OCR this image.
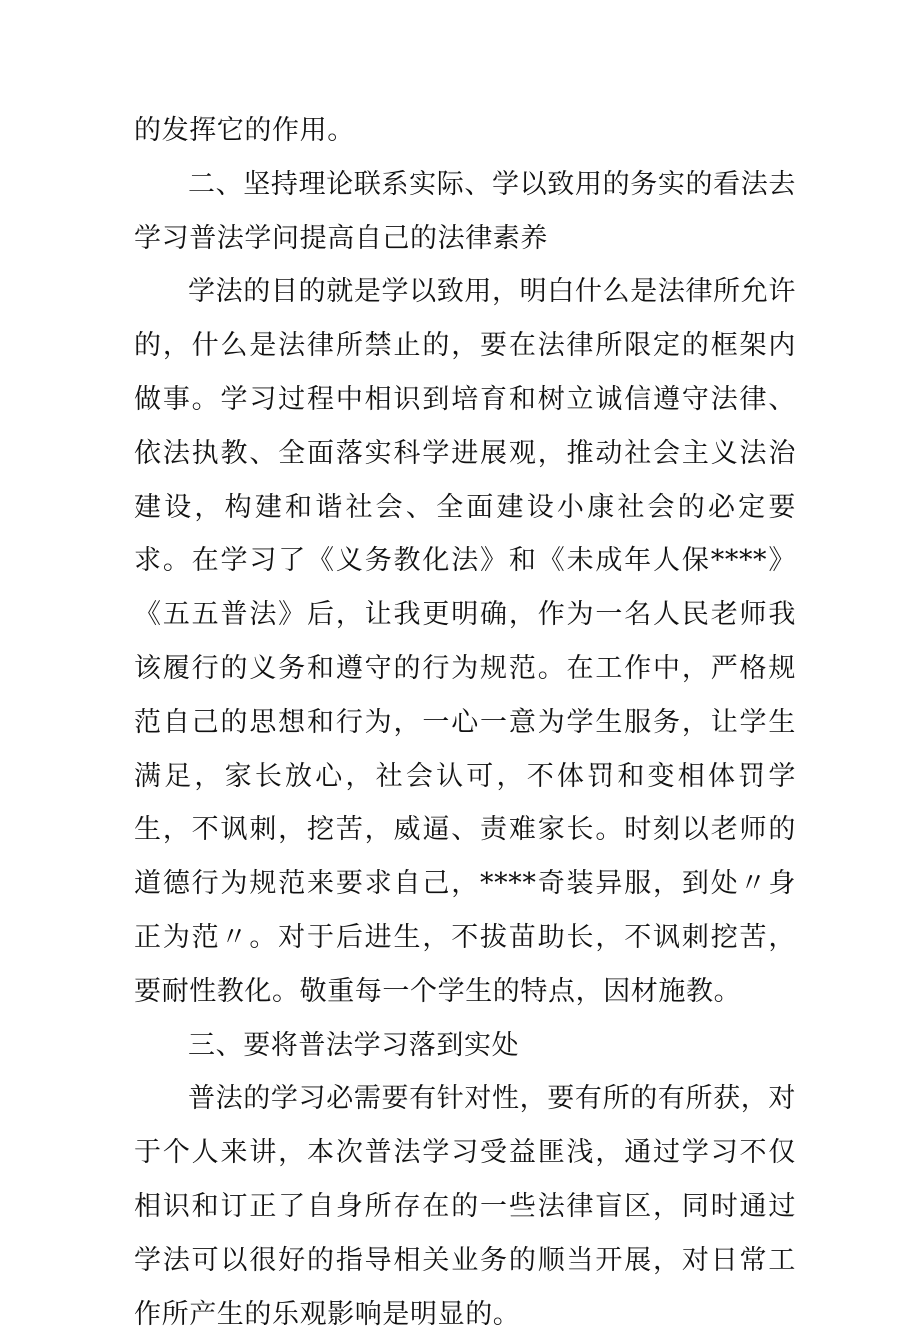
的发挥它的作用。

二、坚持理论联系实际、学以致用的务实的看法去学习普法学问提高自己的法律素养

学法的目的就是学以致用，明白什么是法律所允许的，什么是法律所禁止的，要在法律所限定的框架内做事。学习过程中相识到培育和树立诚信遵守法律、依法执教、全面落实科学进展观，推动社会主义法治建设，构建和谐社会、全面建设小康社会的必定要求。在学习了《义务教化法》和《未成年人保****》《五五普法》后，让我更明确，作为一名人民老师我该履行的义务和遵守的行为规范。在工作中，严格规范自己的思想和行为，一心一意为学生服务，让学生满足，家长放心，社会认可，不体罚和变相体罚学生，不讽刺，挖苦，威逼、责难家长。时刻以老师的道德行为规范来要求自己，****奇装异服，到处〃身正为范〃。对于后进生，不拔苗助长，不讽刺挖苦，要耐性教化。敬重每一个学生的特点，因材施教。

三、要将普法学习落到实处

普法的学习必需要有针对性，要有所的有所获，对于个人来讲，本次普法学习受益匪浅，通过学习不仅相识和订正了自身所存在的一些法律盲区，同时通过学法可以很好的指导相关业务的顺当开展，对日常工作所产生的乐观影响是明显的。
